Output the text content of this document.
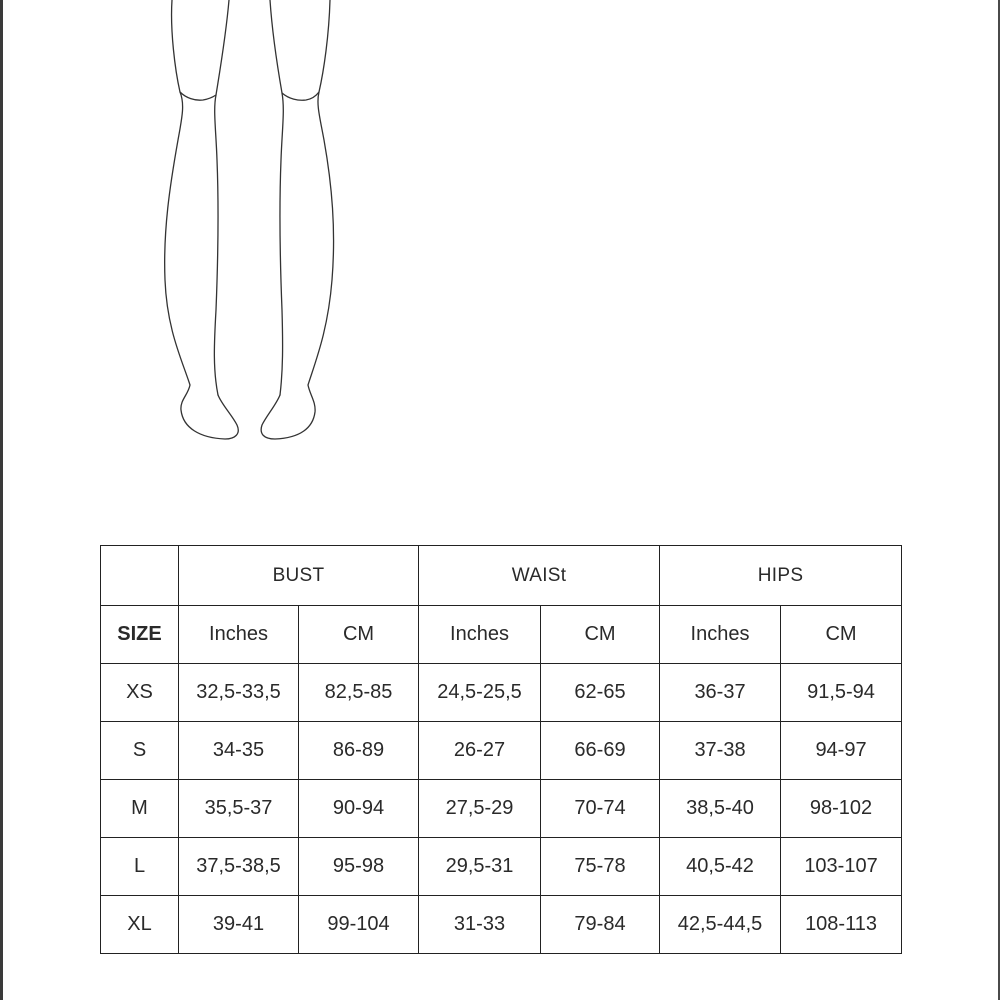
	BUST		WAISt		HIPS	
SIZE	Inches	CM	Inches	CM	Inches	CM
XS	32,5-33,5	82,5-85	24,5-25,5	62-65	36-37	91,5-94
S	34-35	86-89	26-27	66-69	37-38	94-97
M	35,5-37	90-94	27,5-29	70-74	38,5-40	98-102
L	37,5-38,5	95-98	29,5-31	75-78	40,5-42	103-107
XL	39-41	99-104	31-33	79-84	42,5-44,5	108-113
